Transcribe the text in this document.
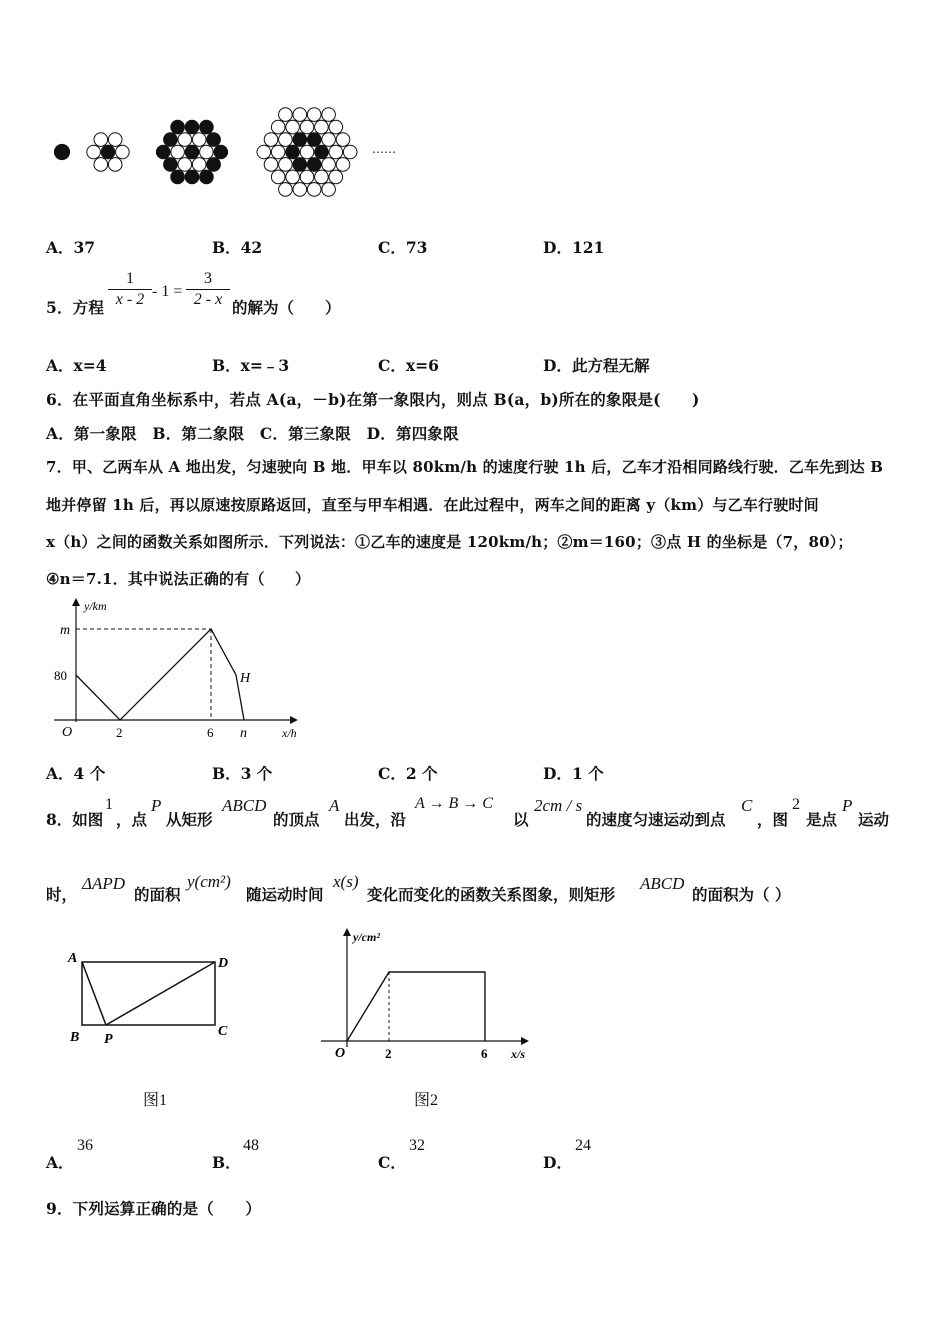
……
A．37	B．42	C．73	D．121
5．方程 $\frac{1}{x - 2} - 1 = \frac{3}{2 - x}$ 的解为（　　）
A．x=4	B．x=﹣3	C．x=6	D．此方程无解
6．在平面直角坐标系中，若点 A(a，－b)在第一象限内，则点 B(a，b)所在的象限是(　　)
A．第一象限　B．第二象限　C．第三象限　D．第四象限
7．甲、乙两车从 A 地出发，匀速驶向 B 地．甲车以 80km/h 的速度行驶 1h 后，乙车才沿相同路线行驶．乙车先到达 B
地并停留 1h 后，再以原速按原路返回，直至与甲车相遇．在此过程中，两车之间的距离 y（km）与乙车行驶时间
x（h）之间的函数关系如图所示．下列说法：①乙车的速度是 120km/h；②m＝160；③点 H 的坐标是（7，80）；
④n＝7.1．其中说法正确的有（　　）
y/km
x/h
m
80
O	2	6 n
H
A．4 个	B．3 个	C．2 个	D．1 个
8．如图
1
，点
P
从矩形
ABCD
的顶点
A
出发，沿
A → B → C
以
2cm / s
的速度匀速运动到点
C
，图
2
是点
P
运动
时，
ΔAPD
的面积
y(cm²)
随运动时间
x(s)
变化而变化的函数关系图象，则矩形
ABCD
的面积为（ ）
A	D
B P
C
图1
y/cm²
x/s
O	2	6
图2
A．
36
B．
48
C．
32
D．
24
9．下列运算正确的是（　　）
